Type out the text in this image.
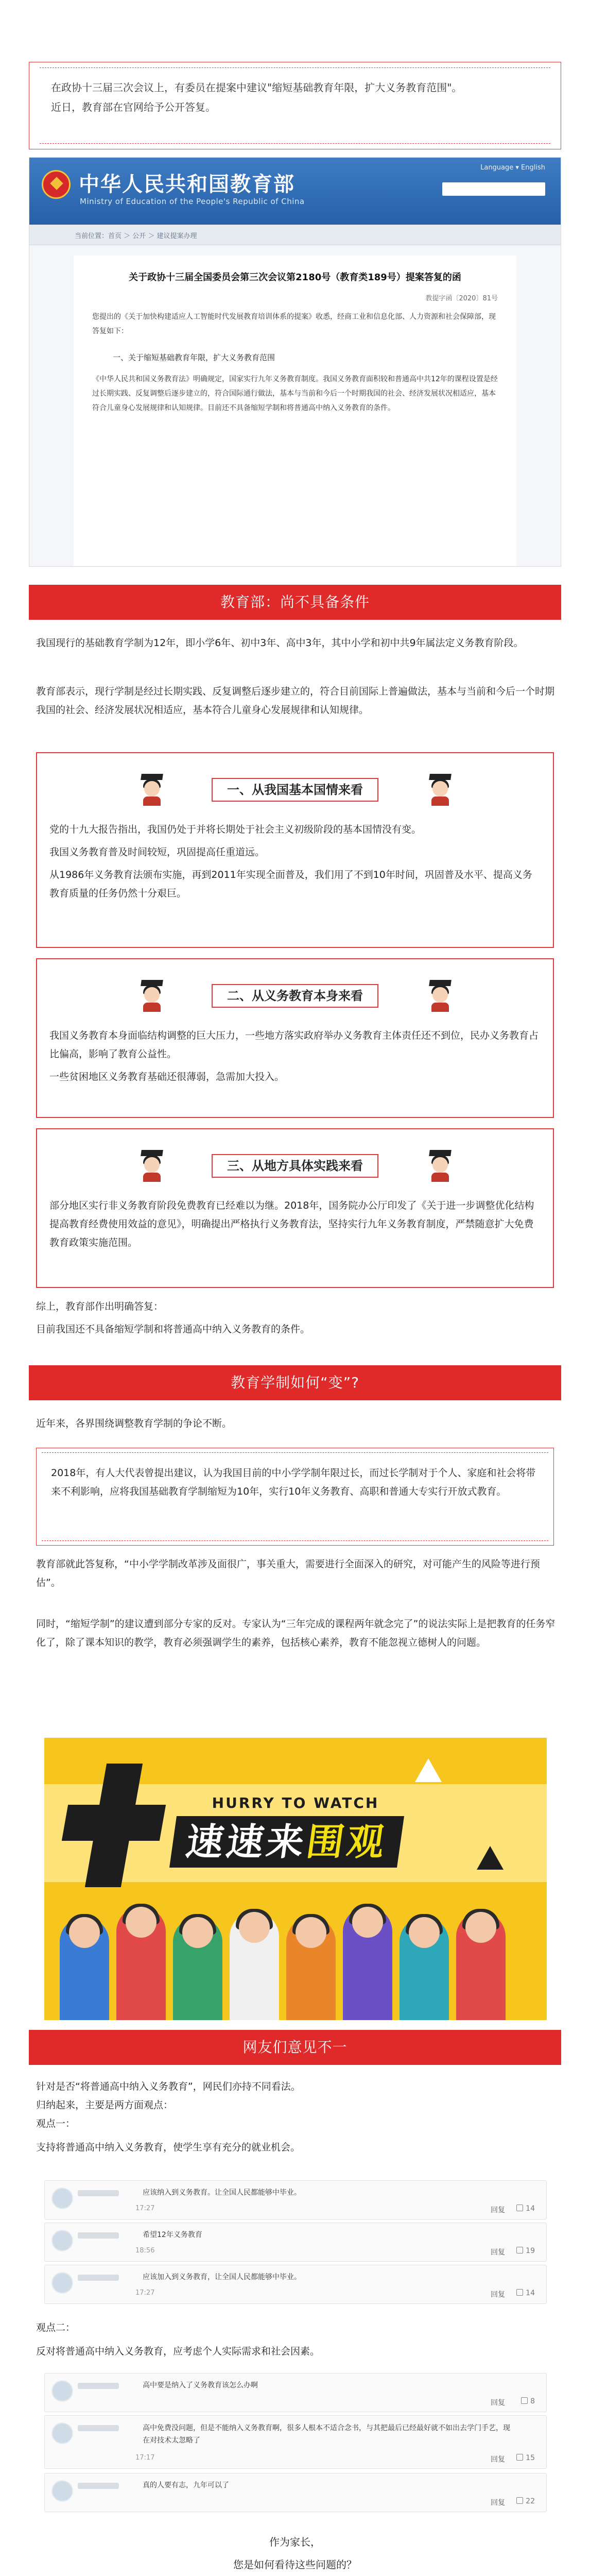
在政协十三届三次会议上，有委员在提案中建议"缩短基础教育年限，扩大义务教育范围"。

近日，教育部在官网给予公开答复。

中华人民共和国教育部
Ministry of Education of the People's Republic of China
Language ▾ English
当前位置：首页 ＞ 公开 ＞ 建议提案办理
关于政协十三届全国委员会第三次会议第2180号（教育类189号）提案答复的函
教提字函〔2020〕81号

您提出的《关于加快构建适应人工智能时代发展教育培训体系的提案》收悉，经商工业和信息化部、人力资源和社会保障部，现答复如下：

一、关于缩短基础教育年限，扩大义务教育范围

《中华人民共和国义务教育法》明确规定，国家实行九年义务教育制度。我国义务教育面积较和普通高中共12年的课程设置是经过长期实践、反复调整后逐步建立的，符合国际通行做法，基本与当前和今后一个时期我国的社会、经济发展状况相适应，基本符合儿童身心发展规律和认知规律。目前还不具备缩短学制和将普通高中纳入义务教育的条件。

教育部：尚不具备条件

我国现行的基础教育学制为12年，即小学6年、初中3年、高中3年，其中小学和初中共9年属法定义务教育阶段。

教育部表示，现行学制是经过长期实践、反复调整后逐步建立的，符合目前国际上普遍做法，基本与当前和今后一个时期我国的社会、经济发展状况相适应，基本符合儿童身心发展规律和认知规律。

一、从我国基本国情来看

党的十九大报告指出，我国仍处于并将长期处于社会主义初级阶段的基本国情没有变。

我国义务教育普及时间较短，巩固提高任重道远。

从1986年义务教育法颁布实施，再到2011年实现全面普及，我们用了不到10年时间，巩固普及水平、提高义务教育质量的任务仍然十分艰巨。

二、从义务教育本身来看

我国义务教育本身面临结构调整的巨大压力，一些地方落实政府举办义务教育主体责任还不到位，民办义务教育占比偏高，影响了教育公益性。

一些贫困地区义务教育基础还很薄弱，急需加大投入。

三、从地方具体实践来看

部分地区实行非义务教育阶段免费教育已经难以为继。2018年，国务院办公厅印发了《关于进一步调整优化结构提高教育经费使用效益的意见》，明确提出严格执行义务教育法，坚持实行九年义务教育制度，严禁随意扩大免费教育政策实施范围。

综上，教育部作出明确答复：

目前我国还不具备缩短学制和将普通高中纳入义务教育的条件。

教育学制如何“变”?

近年来，各界围绕调整教育学制的争论不断。

2018年，有人大代表曾提出建议，认为我国目前的中小学学制年限过长，而过长学制对于个人、家庭和社会将带来不利影响，应将我国基础教育学制缩短为10年，实行10年义务教育、高职和普通大专实行开放式教育。

教育部就此答复称，“中小学学制改革涉及面很广，事关重大，需要进行全面深入的研究，对可能产生的风险等进行预估”。

同时，“缩短学制”的建议遭到部分专家的反对。专家认为“三年完成的课程两年就念完了”的说法实际上是把教育的任务窄化了，除了课本知识的教学，教育必须强调学生的素养，包括核心素养，教育不能忽视立德树人的问题。

HURRY TO WATCH
速速来围观
网友们意见不一

针对是否“将普通高中纳入义务教育”，网民们亦持不同看法。

归纳起来，主要是两方面观点：

观点一：

支持将普通高中纳入义务教育，使学生享有充分的就业机会。

应该纳入到义务教育。让全国人民都能够中毕业。
17:27	回复	14
希望12年义务教育
18:56	回复	19
应该加入到义务教育，让全国人民都能够中毕业。
17:27	回复	14

观点二：

反对将普通高中纳入义务教育，应考虑个人实际需求和社会因素。

高中要是纳入了义务教育该怎么办啊
回复	8
高中免费没问题，但是不能纳入义务教育啊，很多人根本不适合念书，与其把最后已经最好就不如出去学门手艺，现在对技术太忽略了
17:17	回复	15
真的人要有志，九年可以了
回复	22
作为家长，
您是如何看待这些问题的？
